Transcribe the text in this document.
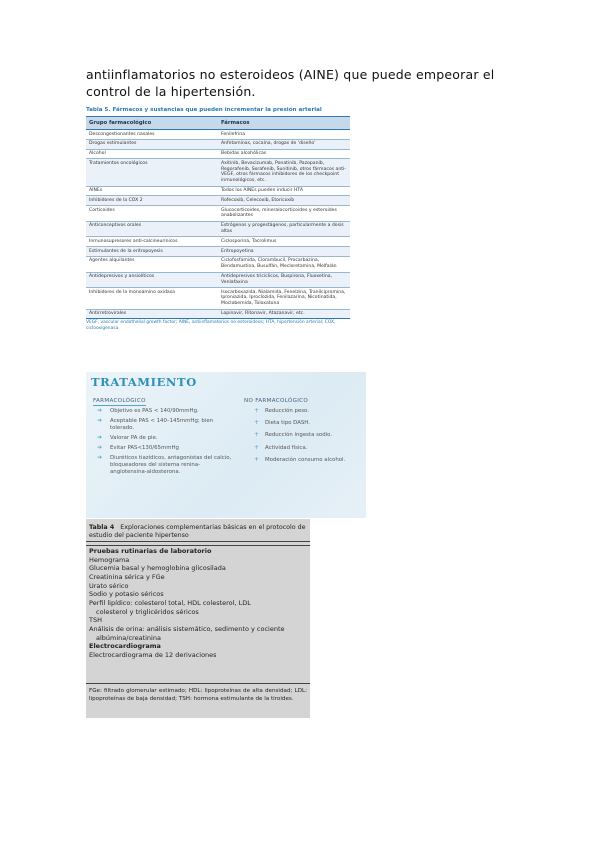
antiinflamatorios no esteroideos (AINE) que puede empeorar el control de la hipertensión.
Tabla 5. Fármacos y sustancias que pueden incrementar la presión arterial
Grupo farmacológico	Fármacos
Descongestionantes nasales	Fenilefrina
Drogas estimulantes	Anfetaminas, cocaína, drogas de 'diseño'
Alcohol	Bebidas alcohólicas
Tratamientos oncológicos	Axitinib, Bevacizumab, Ponatinib, Pazopanib, Regorafenib, Sorafenib, Sunitinib, otros fármacos anti-VEGF, otros fármacos inhibidores de los checkpoint inmunológicos, etc.
AINEs	Todos los AINEs pueden inducir HTA
Inhibidores de la COX 2	Rofecoxib, Celecoxib, Etoricoxib
Corticoides	Glucocorticoides, mineralocorticoides y esteroides anabolizantes
Anticonceptivos orales	Estrógenos y progestágenos, particularmente a dosis altas
Inmunosupresores anti-calcineurínicos	Ciclosporina, Tacrolimus
Estimulantes de la eritropoyesis	Eritropoyetina
Agentes alquilantes	Ciclofosfamida, Clorambucil, Procarbazina, Bendamustina, Busulfán, Mecloretamina, Melfalán
Antidepresivos y ansiolíticos	Antidepresivos tricíclicos, Buspirona, Fluoxetina, Venlafaxina
Inhibidores de la monoamino oxidasa	Isocarboxazida, Nialamida, Fenelzina, Tranilcipromina, Iproniazida, Iproclozida, Fenilazarina, Nicotinatida, Moclobemida, Toloxatona
Antirretrovirales	Lopinavir, Ritonavir, Atazanavir, etc.
VEGF, vascular endothelial growth factor; AINE, antiinflamatorios no esteroideos; HTA, hipertensión arterial; COX, ciclooxigenasa.
TRATAMIENTO
FARMACOLÓGICO	NO FARMACOLÓGICO
➔ Objetivo es PAS < 140/90mmHg.
➔ Aceptable PAS < 140–145mmHg; bien tolerado.
➔ Valorar PA de pie.
➔ Evitar PAS<130/65mmHg
➔ Diuréticos tiazídicos, antagonistas del calcio, bloqueadores del sistema renina-angiotensina-aldosterona.
+ Reducción peso.
+ Dieta tipo DASH.
+ Reducción ingesta sodio.
+ Actividad física.
+ Moderación consumo alcohol.
Tabla 4 Exploraciones complementarias básicas en el protocolo de estudio del paciente hipertenso
Pruebas rutinarias de laboratorio
Hemograma
Glucemia basal y hemoglobina glicosilada
Creatinina sérica y FGe
Urato sérico
Sodio y potasio séricos
Perfil lipídico: colesterol total, HDL colesterol, LDL
colesterol y triglicéridos séricos
TSH
Análisis de orina: análisis sistemático, sedimento y cociente
albúmina/creatinina
Electrocardiograma
Electrocardiograma de 12 derivaciones
FGe: filtrado glomerular estimado; HDL: lipoproteínas de alta densidad; LDL: lipoproteínas de baja densidad; TSH: hormona estimulante de la tiroides.
